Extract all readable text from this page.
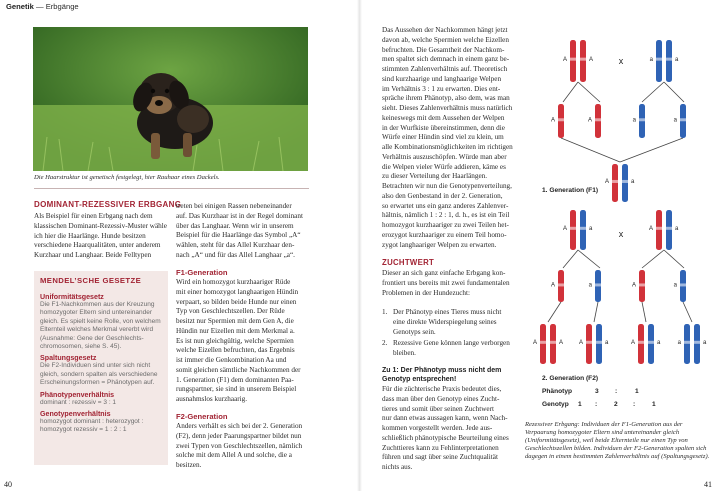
Genetik — Erbgänge
Die Haarstruktur ist genetisch festgelegt, hier Rauhaar eines Dackels.
DOMINANT-REZESSIVER ERBGANG
Als Beispiel für einen Erbgang nach dem
klassischen Dominant-Rezessiv-Muster wähle
ich hier die Haarlänge. Hunde besitzen
verschiedene Haarqualitäten, unter anderem
Kurzhaar und Langhaar. Beide Felltypen
MENDEL’SCHE GESETZE
Uniformitätsgesetz
Die F1-Nachkommen aus der Kreuzung
homozygoter Eltern sind untereinander
gleich. Es spielt keine Rolle, von welchem
Elternteil welches Merkmal vererbt wird
(Ausnahme: Gene der Geschlechts-
chromosomen, siehe S. 45).
Spaltungsgesetz
Die F2-Individuen sind unter sich nicht
gleich, sondern spalten als verschiedene
Erscheinungsformen = Phänotypen auf.
Phänotypenverhältnis
dominant : rezessiv = 3 : 1
Genotypenverhältnis
homozygot dominant : heterozygot :
homozygot rezessiv = 1 : 2 : 1
treten bei einigen Rassen nebeneinander
auf. Das Kurzhaar ist in der Regel dominant
über das Langhaar. Wenn wir in unserem
Beispiel für die Haarlänge das Symbol „A“
wählen, steht für das Allel Kurzhaar den-
nach „A“ und für das Allel Langhaar „a“.
F1-Generation
Wird ein homozygot kurzhaariger Rüde
mit einer homozygot langhaarigen Hündin
verpaart, so bilden beide Hunde nur einen
Typ von Geschlechtszellen. Der Rüde
besitzt nur Spermien mit dem Gen A, die
Hündin nur Eizellen mit dem Merkmal a.
Es ist nun gleichgültig, welche Spermien
welche Eizellen befruchten, das Ergebnis
ist immer die Genkombination Aa und
somit gleichen sämtliche Nachkommen der
1. Generation (F1) dem dominanten Paa-
rungspartner, sie sind in unserem Beispiel
ausnahmslos kurzhaarig.
F2-Generation
Anders verhält es sich bei der 2. Generation
(F2), denn jeder Paarungspartner bildet nun
zwei Typen von Geschlechtszellen, nämlich
solche mit dem Allel A und solche, die a
besitzen.
40
Das Aussehen der Nachkommen hängt jetzt
davon ab, welche Spermien welche Eizellen
befruchten. Die Gesamtheit der Nachkom-
men spaltet sich demnach in einem ganz be-
stimmten Zahlenverhältnis auf. Theoretisch
sind kurzhaarige und langhaarige Welpen
im Verhältnis 3 : 1 zu erwarten. Dies ent-
spräche ihrem Phänotyp, also dem, was man
sieht. Dieses Zahlenverhältnis muss natürlich
keineswegs mit dem Aussehen der Welpen
in der Wurfkiste übereinstimmen, denn die
Würfe einer Hündin sind viel zu klein, um
alle Kombinationsmöglichkeiten im richtigen
Verhältnis auszuschöpfen. Würde man aber
die Welpen vieler Würfe addieren, käme es
zu dieser Verteilung der Haarlängen.
Betrachten wir nun die Genotypenverteilung,
also den Genbestand in der 2. Generation,
so erwartet uns ein ganz anderes Zahlenver-
hältnis, nämlich 1 : 2 : 1, d. h., es ist ein Teil
homozygot kurzhaariger zu zwei Teilen het-
erozygot kurzhaariger zu einem Teil homo-
zygot langhaariger Welpen zu erwarten.
ZUCHTWERT
Dieser an sich ganz einfache Erbgang kon-
frontiert uns bereits mit zwei fundamentalen
Problemen in der Hundezucht:
1. Der Phänotyp eines Tieres muss nicht
eine direkte Widerspiegelung seines
Genotyps sein.
2. Rezessive Gene können lange verborgen
bleiben.
Zu 1: Der Phänotyp muss nicht dem
Genotyp entsprechen!
Für die züchterische Praxis bedeutet dies,
dass man über den Genotyp eines Zucht-
tieres und somit über seinen Zuchtwert
nur dann etwas aussagen kann, wenn Nach-
kommen vorgestellt werden. Jede aus-
schließlich phänotypische Beurteilung eines
Zuchttieres kann zu Fehlinterpretationen
führen und sagt über seine Zuchtqualität
nichts aus.
A	A	a	a
A	A	a	a
A	a
A	a	A	a
A	a	A	a
A	A	A	a	A	a	a	a
x
x
1. Generation (F1)
2. Generation (F2)
Phänotyp	3 :	1
Genotyp 1 :	2 :	1
Rezessiver Erbgang: Individuen der F1-Generation aus der Verpaarung homozygoter Eltern sind untereinander gleich (Uniformitätsgesetz), weil beide Elternteile nur einen Typ von Geschlechtszellen bilden. Individuen der F2-Generation spalten sich dagegen in einem bestimmten Zahlenverhältnis auf (Spaltungsgesetz).
41
